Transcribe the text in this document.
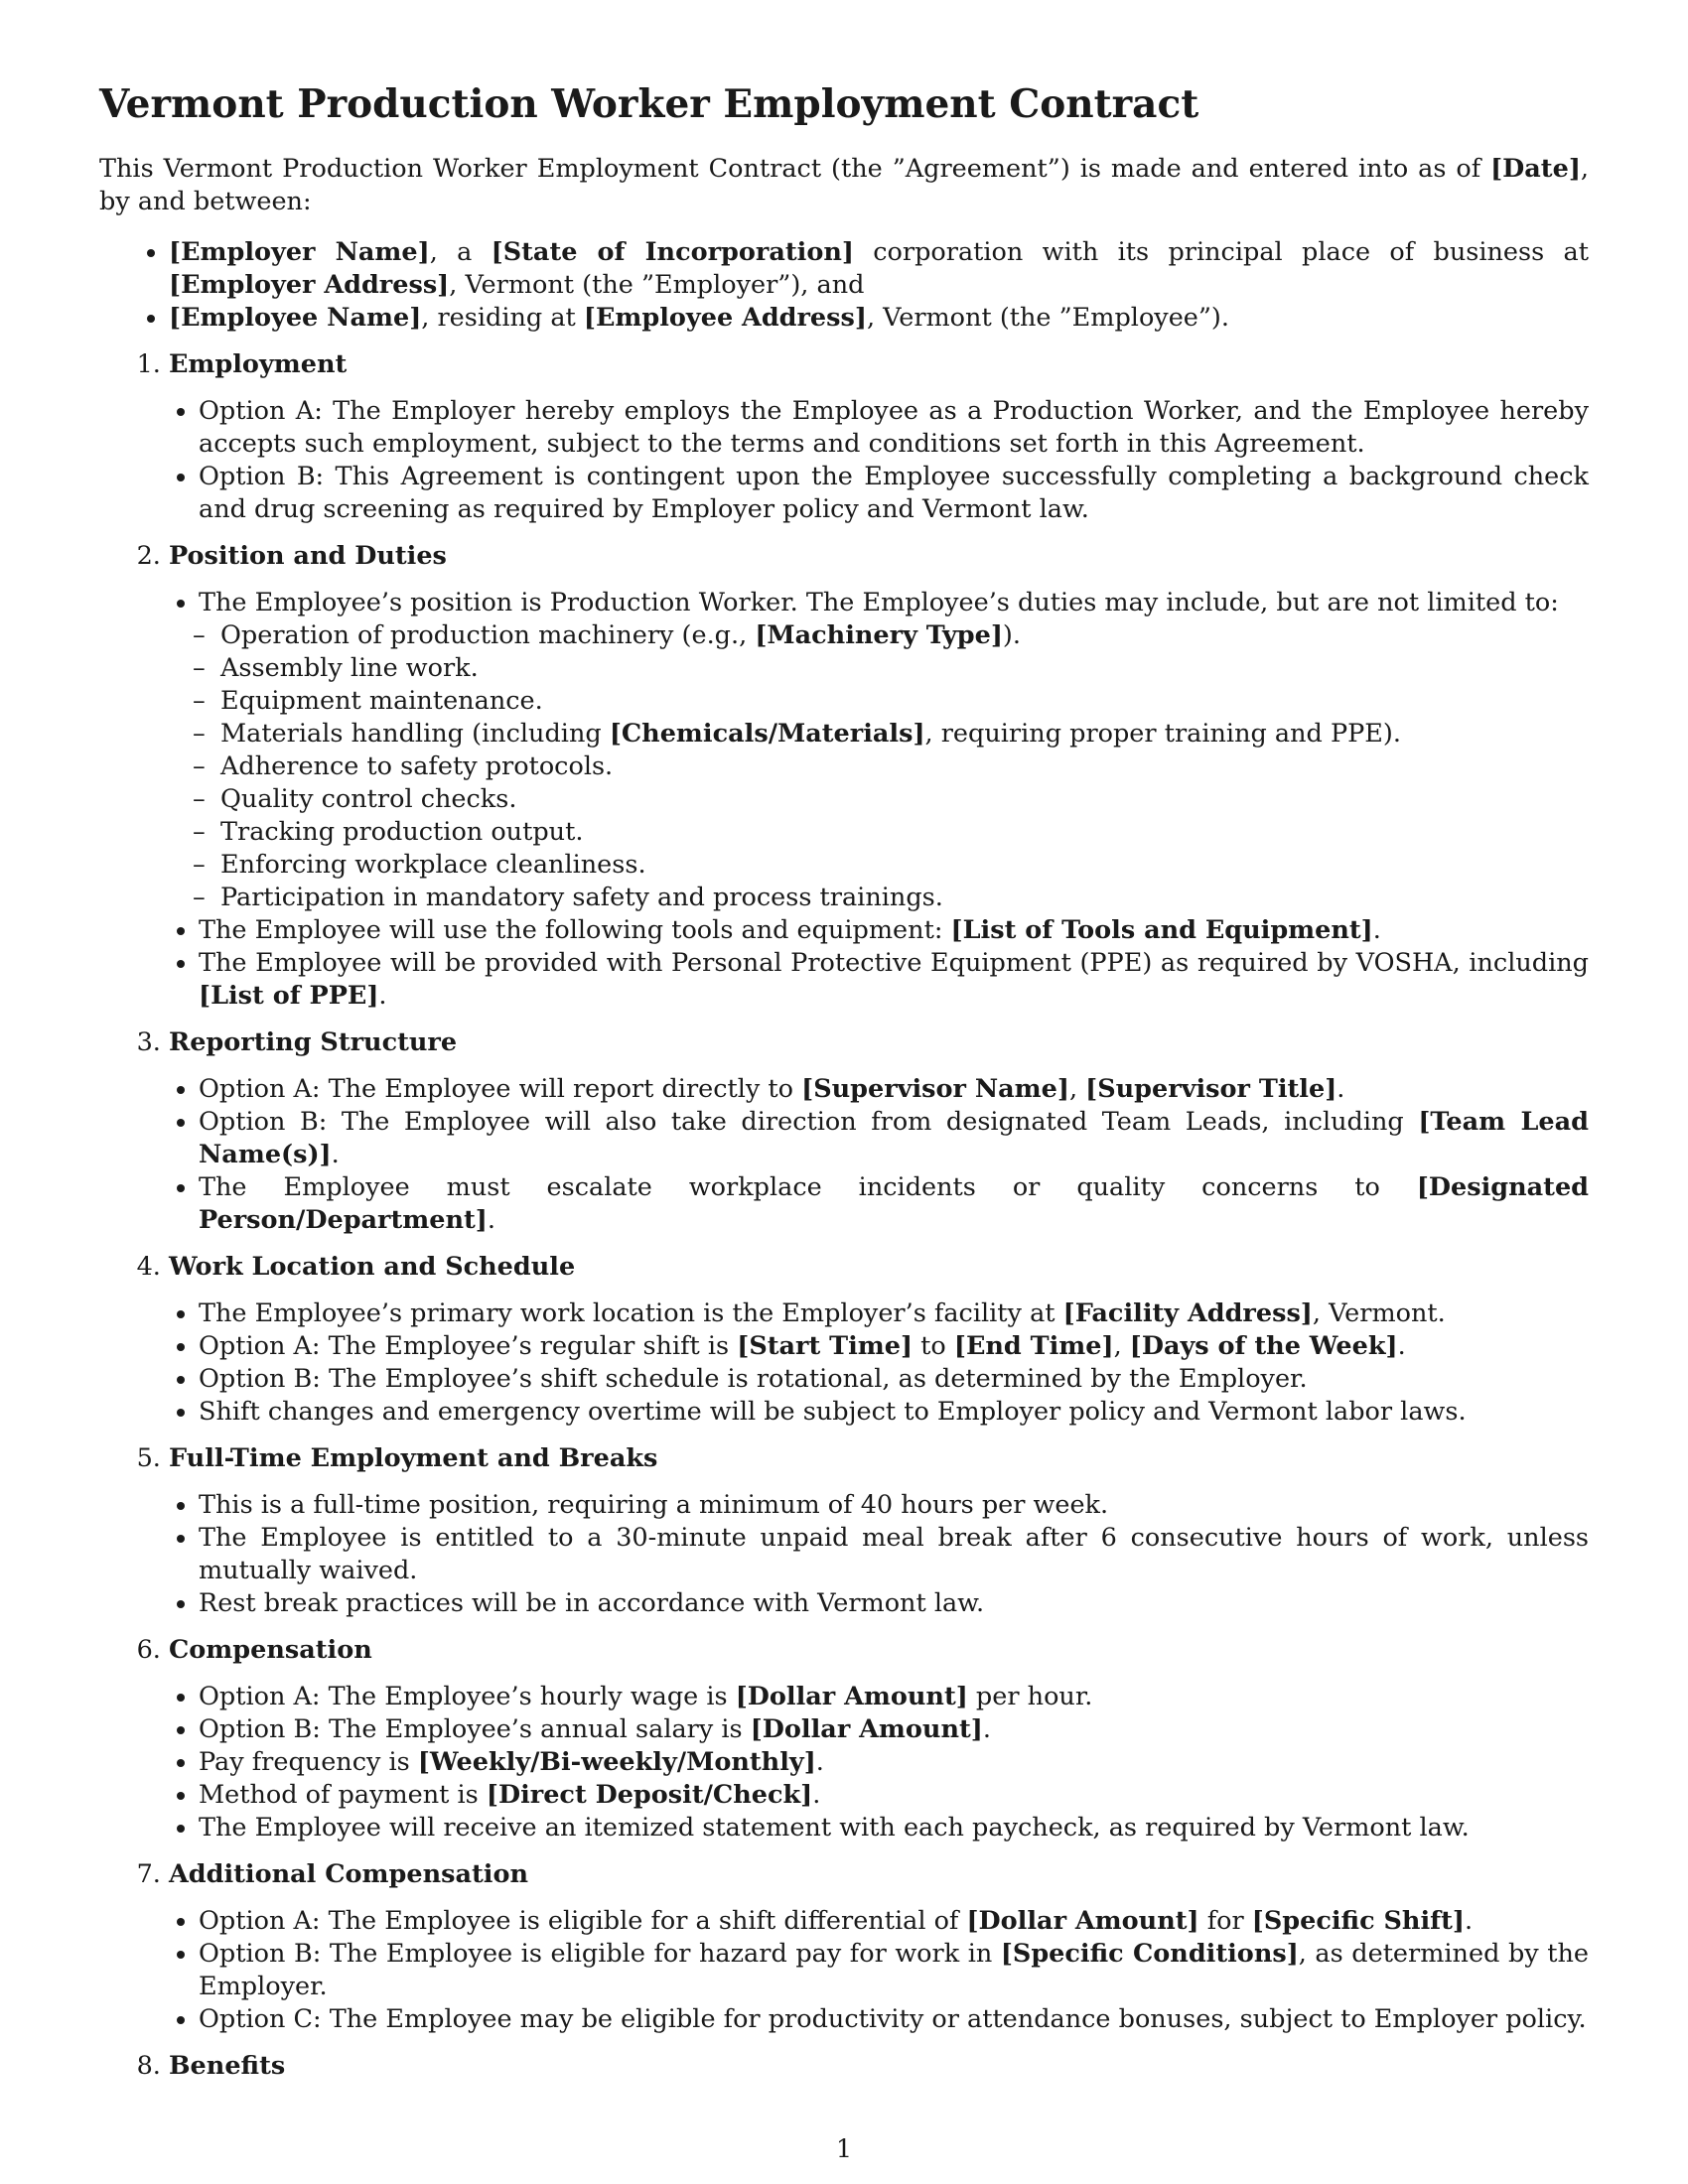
Vermont Production Worker Employment Contract

This Vermont Production Worker Employment Contract (the ”Agreement”) is made and entered into as of [Date], by and between:

• [Employer Name], a [State of Incorporation] corporation with its principal place of business at [Employer Address], Vermont (the ”Employer”), and
• [Employee Name], residing at [Employee Address], Vermont (the ”Employee”).
1. Employment
• Option A: The Employer hereby employs the Employee as a Production Worker, and the Employee hereby accepts such employment, subject to the terms and conditions set forth in this Agreement.
• Option B: This Agreement is contingent upon the Employee successfully completing a background check and drug screening as required by Employer policy and Vermont law.
2. Position and Duties
• The Employee’s position is Production Worker. The Employee’s duties may include, but are not limited to:
– Operation of production machinery (e.g., [Machinery Type]).
– Assembly line work.
– Equipment maintenance.
– Materials handling (including [Chemicals/Materials], requiring proper training and PPE).
– Adherence to safety protocols.
– Quality control checks.
– Tracking production output.
– Enforcing workplace cleanliness.
– Participation in mandatory safety and process trainings.
• The Employee will use the following tools and equipment: [List of Tools and Equipment].
• The Employee will be provided with Personal Protective Equipment (PPE) as required by VOSHA, including [List of PPE].
3. Reporting Structure
• Option A: The Employee will report directly to [Supervisor Name], [Supervisor Title].
• Option B: The Employee will also take direction from designated Team Leads, including [Team Lead Name(s)].
• The Employee must escalate workplace incidents or quality concerns to [Designated Person/Department].
4. Work Location and Schedule
• The Employee’s primary work location is the Employer’s facility at [Facility Address], Vermont.
• Option A: The Employee’s regular shift is [Start Time] to [End Time], [Days of the Week].
• Option B: The Employee’s shift schedule is rotational, as determined by the Employer.
• Shift changes and emergency overtime will be subject to Employer policy and Vermont labor laws.
5. Full-Time Employment and Breaks
• This is a full-time position, requiring a minimum of 40 hours per week.
• The Employee is entitled to a 30-minute unpaid meal break after 6 consecutive hours of work, unless mutually waived.
• Rest break practices will be in accordance with Vermont law.
6. Compensation
• Option A: The Employee’s hourly wage is [Dollar Amount] per hour.
• Option B: The Employee’s annual salary is [Dollar Amount].
• Pay frequency is [Weekly/Bi-weekly/Monthly].
• Method of payment is [Direct Deposit/Check].
• The Employee will receive an itemized statement with each paycheck, as required by Vermont law.
7. Additional Compensation
• Option A: The Employee is eligible for a shift differential of [Dollar Amount] for [Specific Shift].
• Option B: The Employee is eligible for hazard pay for work in [Specific Conditions], as determined by the Employer.
• Option C: The Employee may be eligible for productivity or attendance bonuses, subject to Employer policy.
8. Benefits
1
